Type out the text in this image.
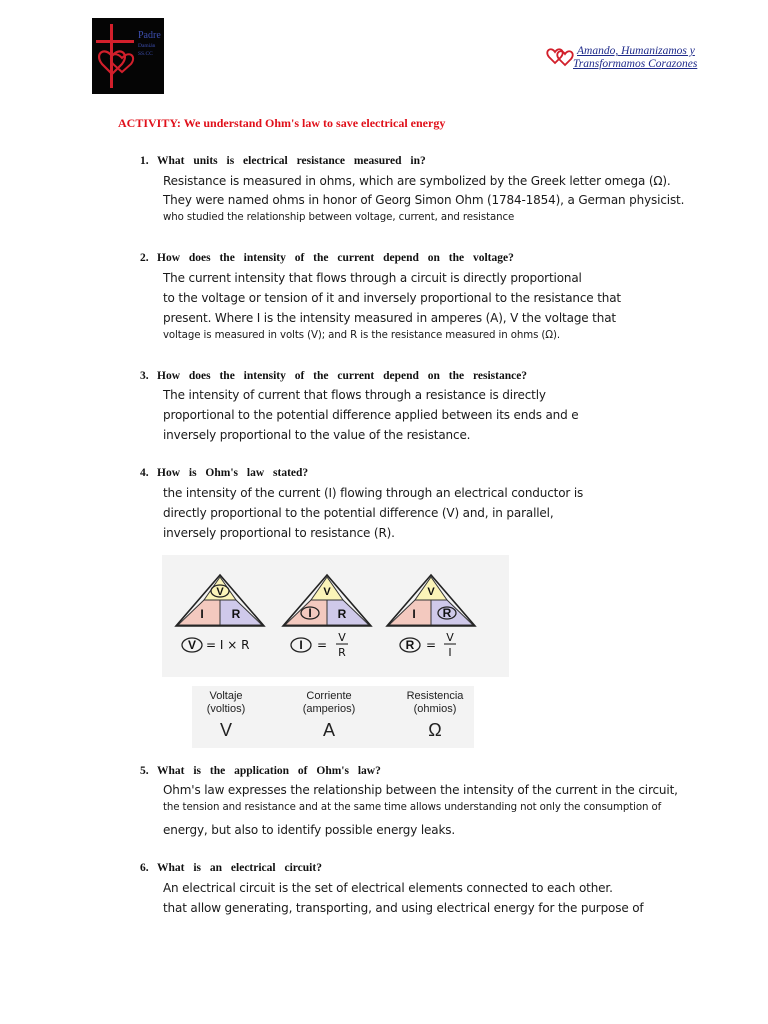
Padre
Damián
SS.CC	Amando, Humanizamos y
Transformamos Corazones
ACTIVITY: We understand Ohm's law to save electrical energy
1. What units is electrical resistance measured in?
Resistance is measured in ohms, which are symbolized by the Greek letter omega (Ω).
They were named ohms in honor of Georg Simon Ohm (1784-1854), a German physicist.
who studied the relationship between voltage, current, and resistance
2. How does the intensity of the current depend on the voltage?
The current intensity that flows through a circuit is directly proportional
to the voltage or tension of it and inversely proportional to the resistance that
present. Where I is the intensity measured in amperes (A), V the voltage that
voltage is measured in volts (V); and R is the resistance measured in ohms (Ω).
3. How does the intensity of the current depend on the resistance?
The intensity of current that flows through a resistance is directly
proportional to the potential difference applied between its ends and e
inversely proportional to the value of the resistance.
4. How is Ohm's law stated?
the intensity of the current (I) flowing through an electrical conductor is
directly proportional to the potential difference (V) and, in parallel,
inversely proportional to resistance (R).
V
I R
V
I R
V
I R
V = I × R	I =
V
R
R =
V
I
Voltaje
(voltios)
V
Corriente
(amperios)
A
Resistencia
(ohmios)
Ω
5. What is the application of Ohm's law?
Ohm's law expresses the relationship between the intensity of the current in the circuit,
the tension and resistance and at the same time allows understanding not only the consumption of
energy, but also to identify possible energy leaks.
6. What is an electrical circuit?
An electrical circuit is the set of electrical elements connected to each other.
that allow generating, transporting, and using electrical energy for the purpose of
